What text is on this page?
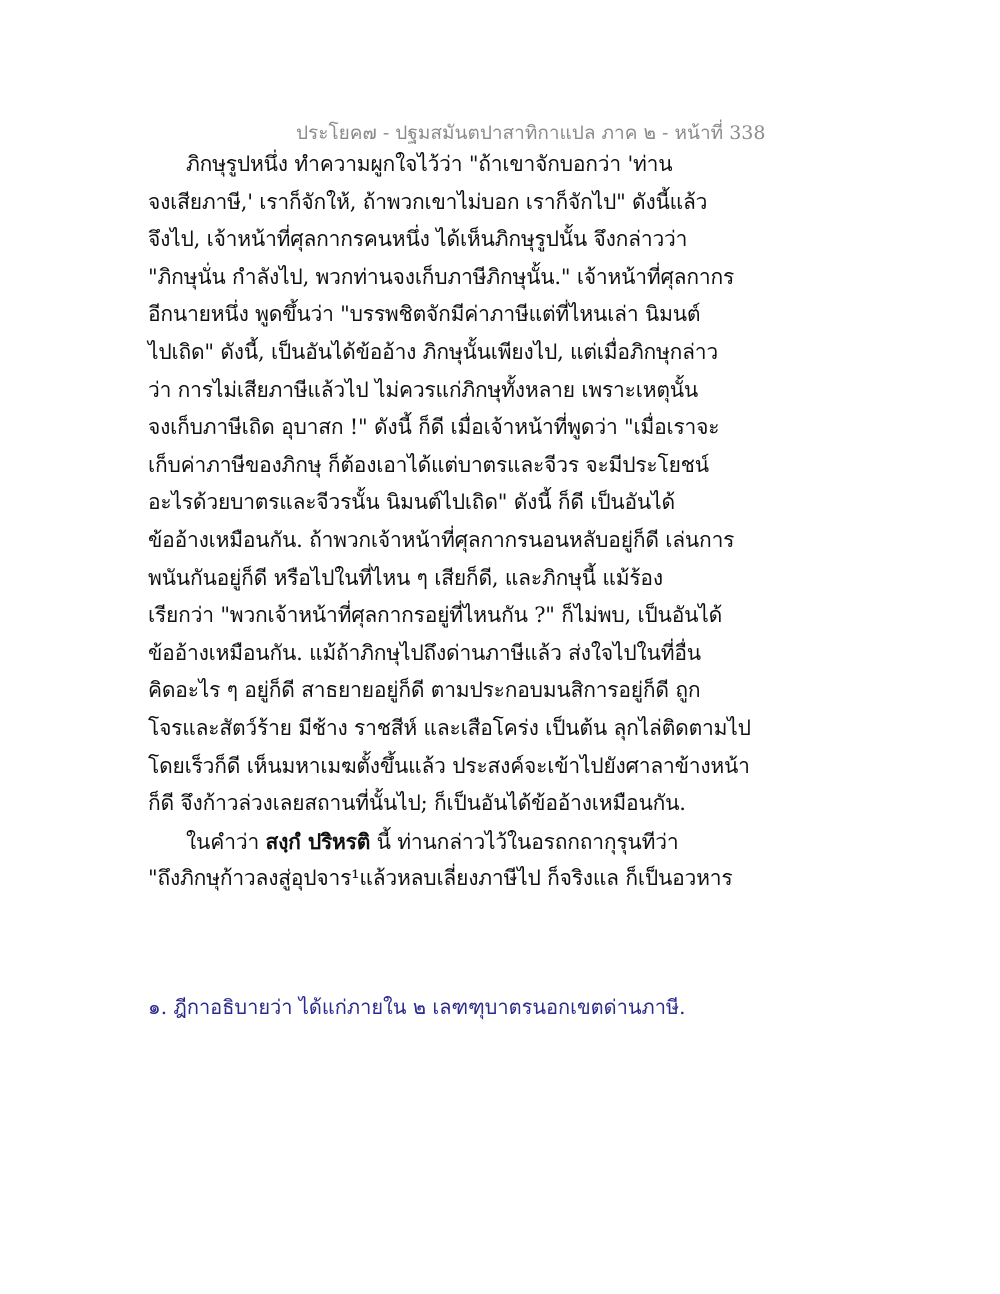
ประโยค๗ - ปฐมสมันตปาสาทิกาแปล ภาค ๒ - หน้าที่ 338
ภิกษุรูปหนึ่ง ทำความผูกใจไว้ว่า "ถ้าเขาจักบอกว่า 'ท่าน
จงเสียภาษี,' เราก็จักให้, ถ้าพวกเขาไม่บอก เราก็จักไป" ดังนี้แล้ว
จึงไป, เจ้าหน้าที่ศุลกากรคนหนึ่ง ได้เห็นภิกษุรูปนั้น จึงกล่าวว่า
"ภิกษุนั่น กำลังไป, พวกท่านจงเก็บภาษีภิกษุนั้น." เจ้าหน้าที่ศุลกากร
อีกนายหนึ่ง พูดขึ้นว่า "บรรพชิตจักมีค่าภาษีแต่ที่ไหนเล่า นิมนต์
ไปเถิด" ดังนี้, เป็นอันได้ข้ออ้าง ภิกษุนั้นเพียงไป, แต่เมื่อภิกษุกล่าว
ว่า การไม่เสียภาษีแล้วไป ไม่ควรแก่ภิกษุทั้งหลาย เพราะเหตุนั้น
จงเก็บภาษีเถิด อุบาสก !" ดังนี้ ก็ดี เมื่อเจ้าหน้าที่พูดว่า "เมื่อเราจะ
เก็บค่าภาษีของภิกษุ ก็ต้องเอาได้แต่บาตรและจีวร จะมีประโยชน์
อะไรด้วยบาตรและจีวรนั้น นิมนต์ไปเถิด" ดังนี้ ก็ดี เป็นอันได้
ข้ออ้างเหมือนกัน. ถ้าพวกเจ้าหน้าที่ศุลกากรนอนหลับอยู่ก็ดี เล่นการ
พนันกันอยู่ก็ดี หรือไปในที่ไหน ๆ เสียก็ดี, และภิกษุนี้ แม้ร้อง
เรียกว่า "พวกเจ้าหน้าที่ศุลกากรอยู่ที่ไหนกัน ?" ก็ไม่พบ, เป็นอันได้
ข้ออ้างเหมือนกัน. แม้ถ้าภิกษุไปถึงด่านภาษีแล้ว ส่งใจไปในที่อื่น
คิดอะไร ๆ อยู่ก็ดี สาธยายอยู่ก็ดี ตามประกอบมนสิการอยู่ก็ดี ถูก
โจรและสัตว์ร้าย มีช้าง ราชสีห์ และเสือโคร่ง เป็นต้น ลุกไล่ติดตามไป
โดยเร็วก็ดี เห็นมหาเมฆตั้งขึ้นแล้ว ประสงค์จะเข้าไปยังศาลาข้างหน้า
ก็ดี จึงก้าวล่วงเลยสถานที่นั้นไป; ก็เป็นอันได้ข้ออ้างเหมือนกัน.
ในคำว่า สงฺกํ ปริหรติ นี้ ท่านกล่าวไว้ในอรถกถากุรุนทีว่า
"ถึงภิกษุก้าวลงสู่อุปจาร¹แล้วหลบเลี่ยงภาษีไป ก็จริงแล ก็เป็นอวหาร
๑. ฎีกาอธิบายว่า ได้แก่ภายใน ๒ เลฑฑุบาตรนอกเขตด่านภาษี.
